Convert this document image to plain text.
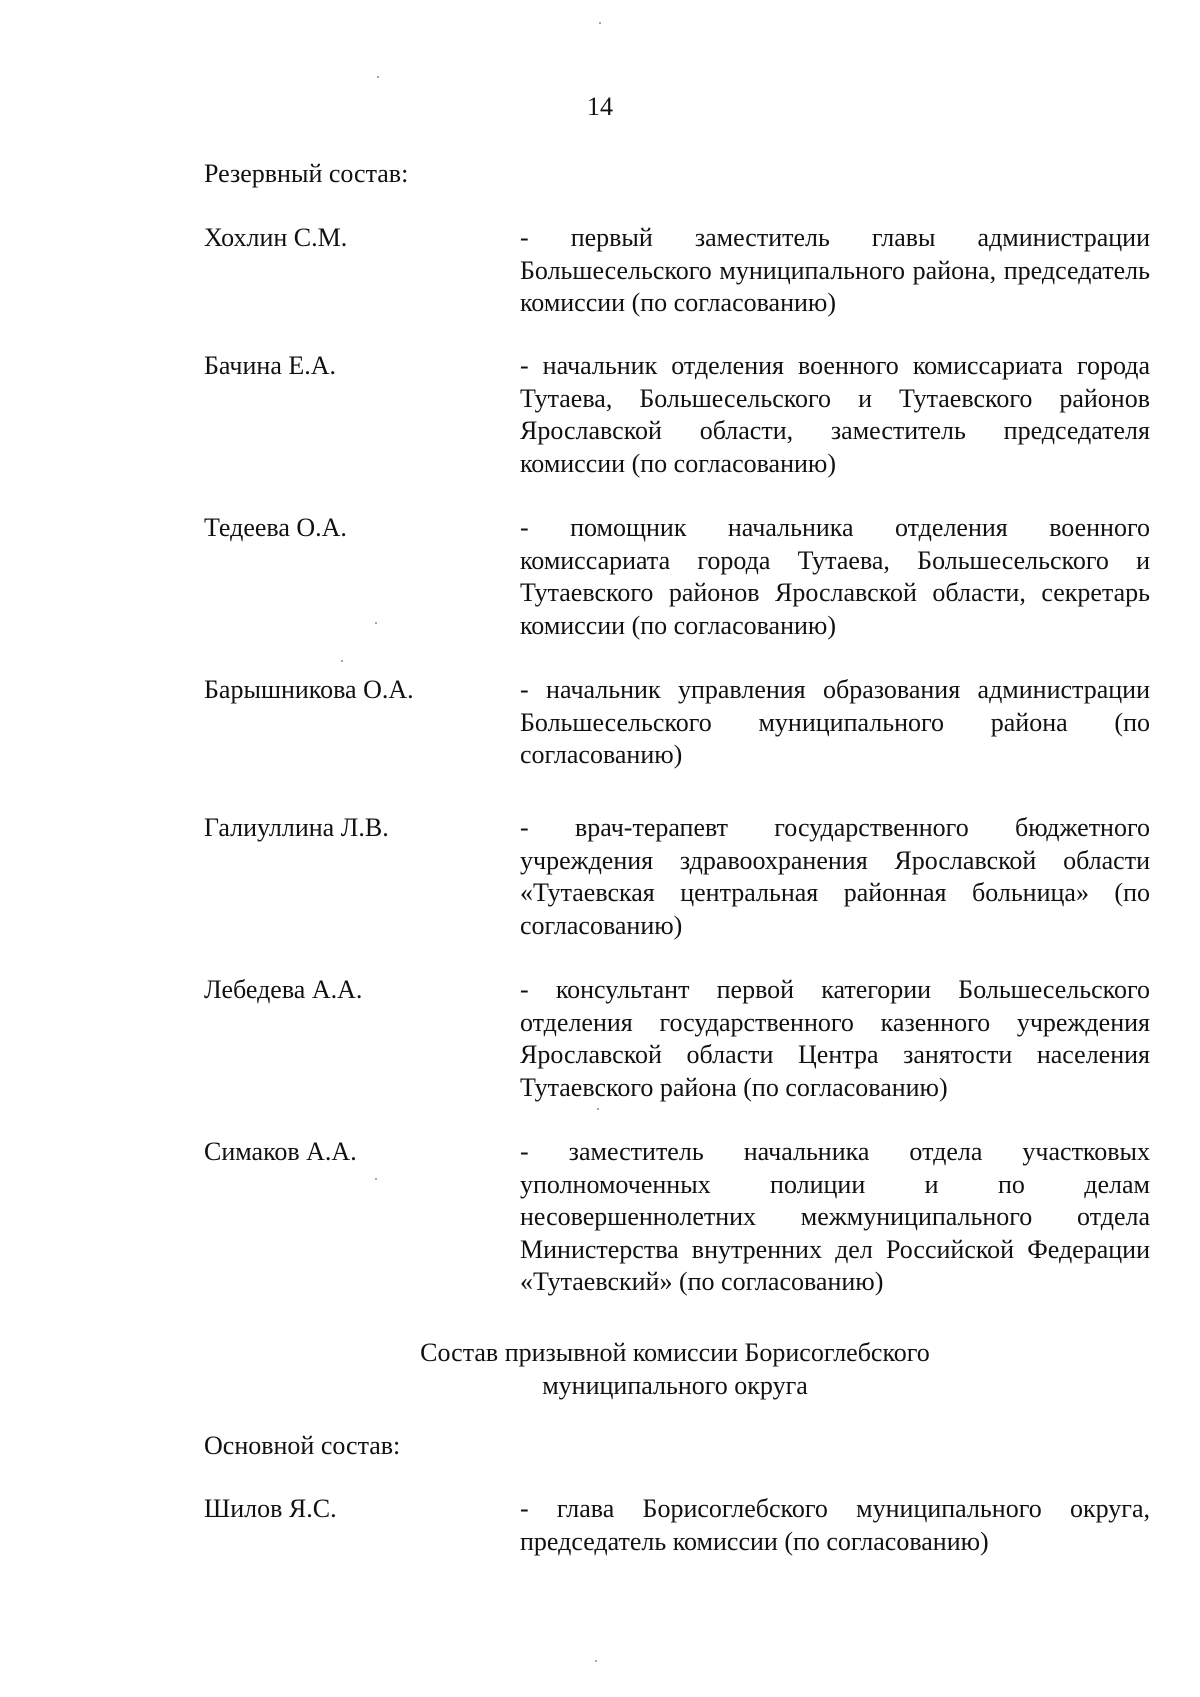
14
Резервный состав:
Хохлин С.М.	- первый заместитель главы администрации Большесельского муниципального района, председатель комиссии (по согласованию)
Бачина Е.А.	- начальник отделения военного комиссариата города Тутаева, Большесельского и Тутаевского районов Ярославской области, заместитель председателя комиссии (по согласованию)
Тедеева О.А.	- помощник начальника отделения военного комиссариата города Тутаева, Большесельского и Тутаевского районов Ярославской области, секретарь комиссии (по согласованию)
Барышникова О.А.	- начальник управления образования администрации Большесельского муниципального района (по согласованию)
Галиуллина Л.В.	- врач-терапевт государственного бюджетного учреждения здравоохранения Ярославской области «Тутаевская центральная районная больница» (по согласованию)
Лебедева А.А.	- консультант первой категории Большесельского отделения государственного казенного учреждения Ярославской области Центра занятости населения Тутаевского района (по согласованию)
Симаков А.А.	- заместитель начальника отдела участковых уполномоченных полиции и по делам несовершеннолетних межмуниципального отдела Министерства внутренних дел Российской Федерации «Тутаевский» (по согласованию)
Состав призывной комиссии Борисоглебского
муниципального округа
Основной состав:
Шилов Я.С.	- глава Борисоглебского муниципального округа, председатель комиссии (по согласованию)
